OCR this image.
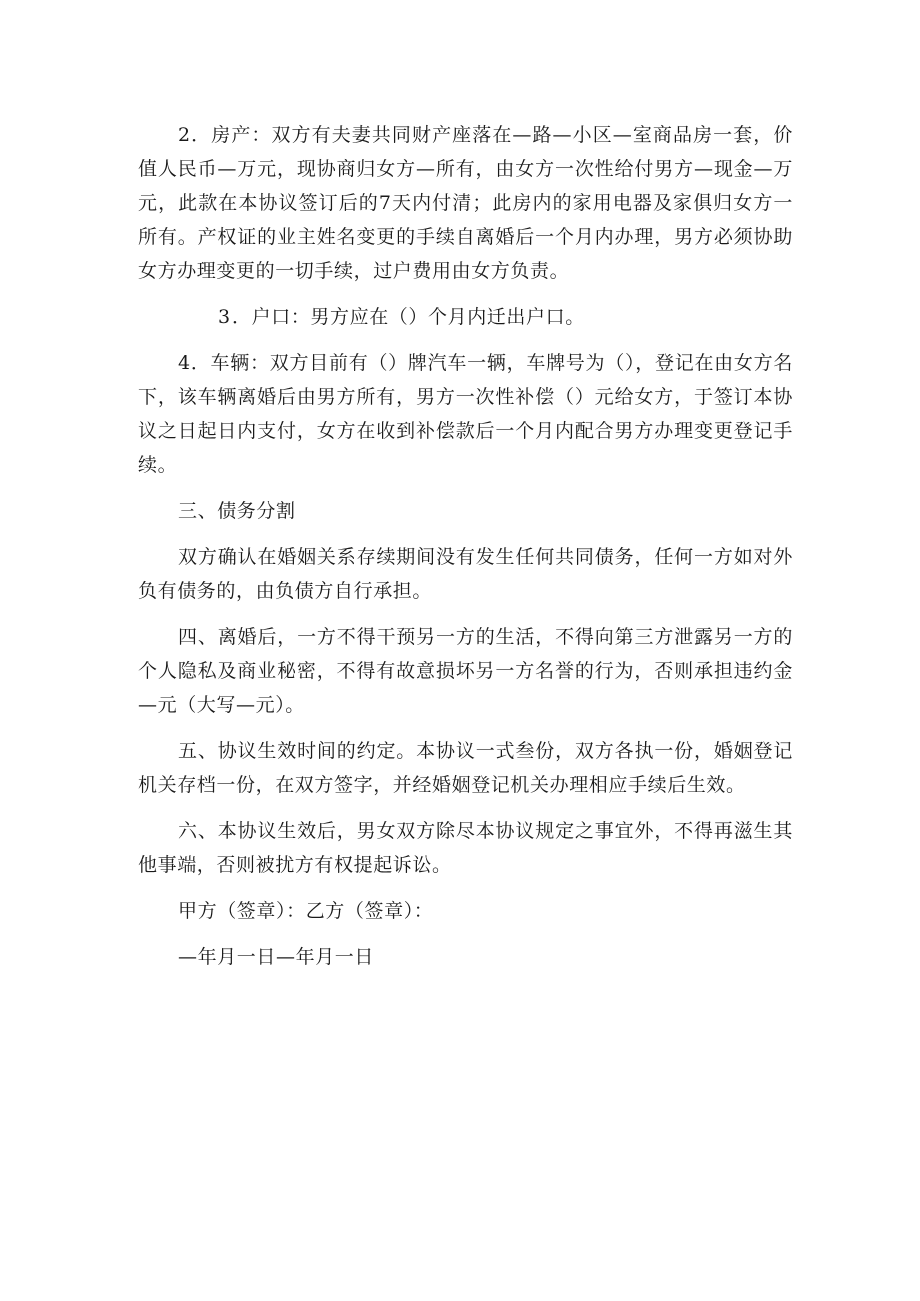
2．房产：双方有夫妻共同财产座落在—路—小区—室商品房一套，价值人民币—万元，现协商归女方—所有，由女方一次性给付男方—现金—万元，此款在本协议签订后的7天内付清；此房内的家用电器及家俱归女方一所有。产权证的业主姓名变更的手续自离婚后一个月内办理，男方必须协助女方办理变更的一切手续，过户费用由女方负责。

3．户口：男方应在（）个月内迁出户口。

4．车辆：双方目前有（）牌汽车一辆，车牌号为（），登记在由女方名下，该车辆离婚后由男方所有，男方一次性补偿（）元给女方，于签订本协议之日起日内支付，女方在收到补偿款后一个月内配合男方办理变更登记手续。

三、债务分割

双方确认在婚姻关系存续期间没有发生任何共同债务，任何一方如对外负有债务的，由负债方自行承担。

四、离婚后，一方不得干预另一方的生活，不得向第三方泄露另一方的个人隐私及商业秘密，不得有故意损坏另一方名誉的行为，否则承担违约金—元（大写—元）。

五、协议生效时间的约定。本协议一式叁份，双方各执一份，婚姻登记机关存档一份，在双方签字，并经婚姻登记机关办理相应手续后生效。

六、本协议生效后，男女双方除尽本协议规定之事宜外，不得再滋生其他事端，否则被扰方有权提起诉讼。

甲方（签章）：乙方（签章）：

—年月一日—年月一日
